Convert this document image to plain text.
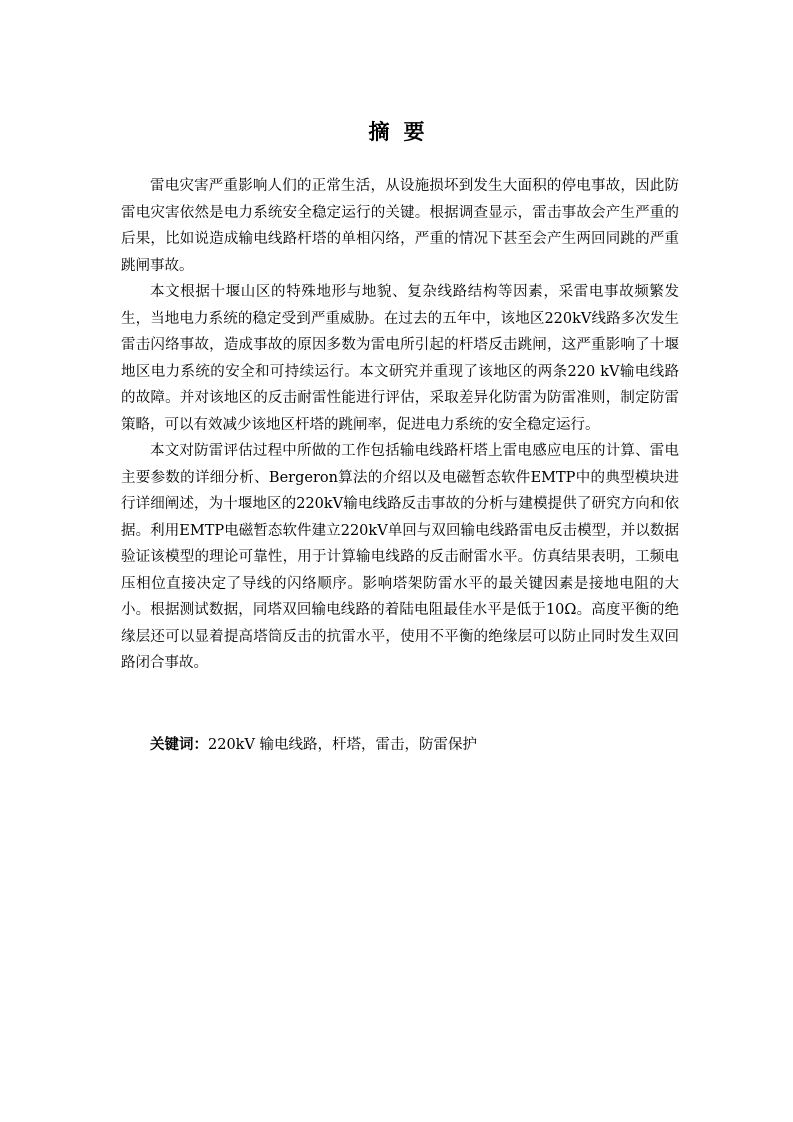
摘要

雷电灾害严重影响人们的正常生活，从设施损坏到发生大面积的停电事故，因此防雷电灾害依然是电力系统安全稳定运行的关键。根据调查显示，雷击事故会产生严重的后果，比如说造成输电线路杆塔的单相闪络，严重的情况下甚至会产生两回同跳的严重跳闸事故。

本文根据十堰山区的特殊地形与地貌、复杂线路结构等因素，采雷电事故频繁发生，当地电力系统的稳定受到严重威胁。在过去的五年中，该地区220kV线路多次发生雷击闪络事故，造成事故的原因多数为雷电所引起的杆塔反击跳闸，这严重影响了十堰地区电力系统的安全和可持续运行。本文研究并重现了该地区的两条220 kV输电线路的故障。并对该地区的反击耐雷性能进行评估，采取差异化防雷为防雷准则，制定防雷策略，可以有效减少该地区杆塔的跳闸率，促进电力系统的安全稳定运行。

本文对防雷评估过程中所做的工作包括输电线路杆塔上雷电感应电压的计算、雷电主要参数的详细分析、Bergeron算法的介绍以及电磁暂态软件EMTP中的典型模块进行详细阐述，为十堰地区的220kV输电线路反击事故的分析与建模提供了研究方向和依据。利用EMTP电磁暂态软件建立220kV单回与双回输电线路雷电反击模型，并以数据验证该模型的理论可靠性，用于计算输电线路的反击耐雷水平。仿真结果表明，工频电压相位直接决定了导线的闪络顺序。影响塔架防雷水平的最关键因素是接地电阻的大小。根据测试数据，同塔双回输电线路的着陆电阻最佳水平是低于10Ω。高度平衡的绝缘层还可以显着提高塔筒反击的抗雷水平，使用不平衡的绝缘层可以防止同时发生双回路闭合事故。

关键词：220kV 输电线路，杆塔，雷击，防雷保护
